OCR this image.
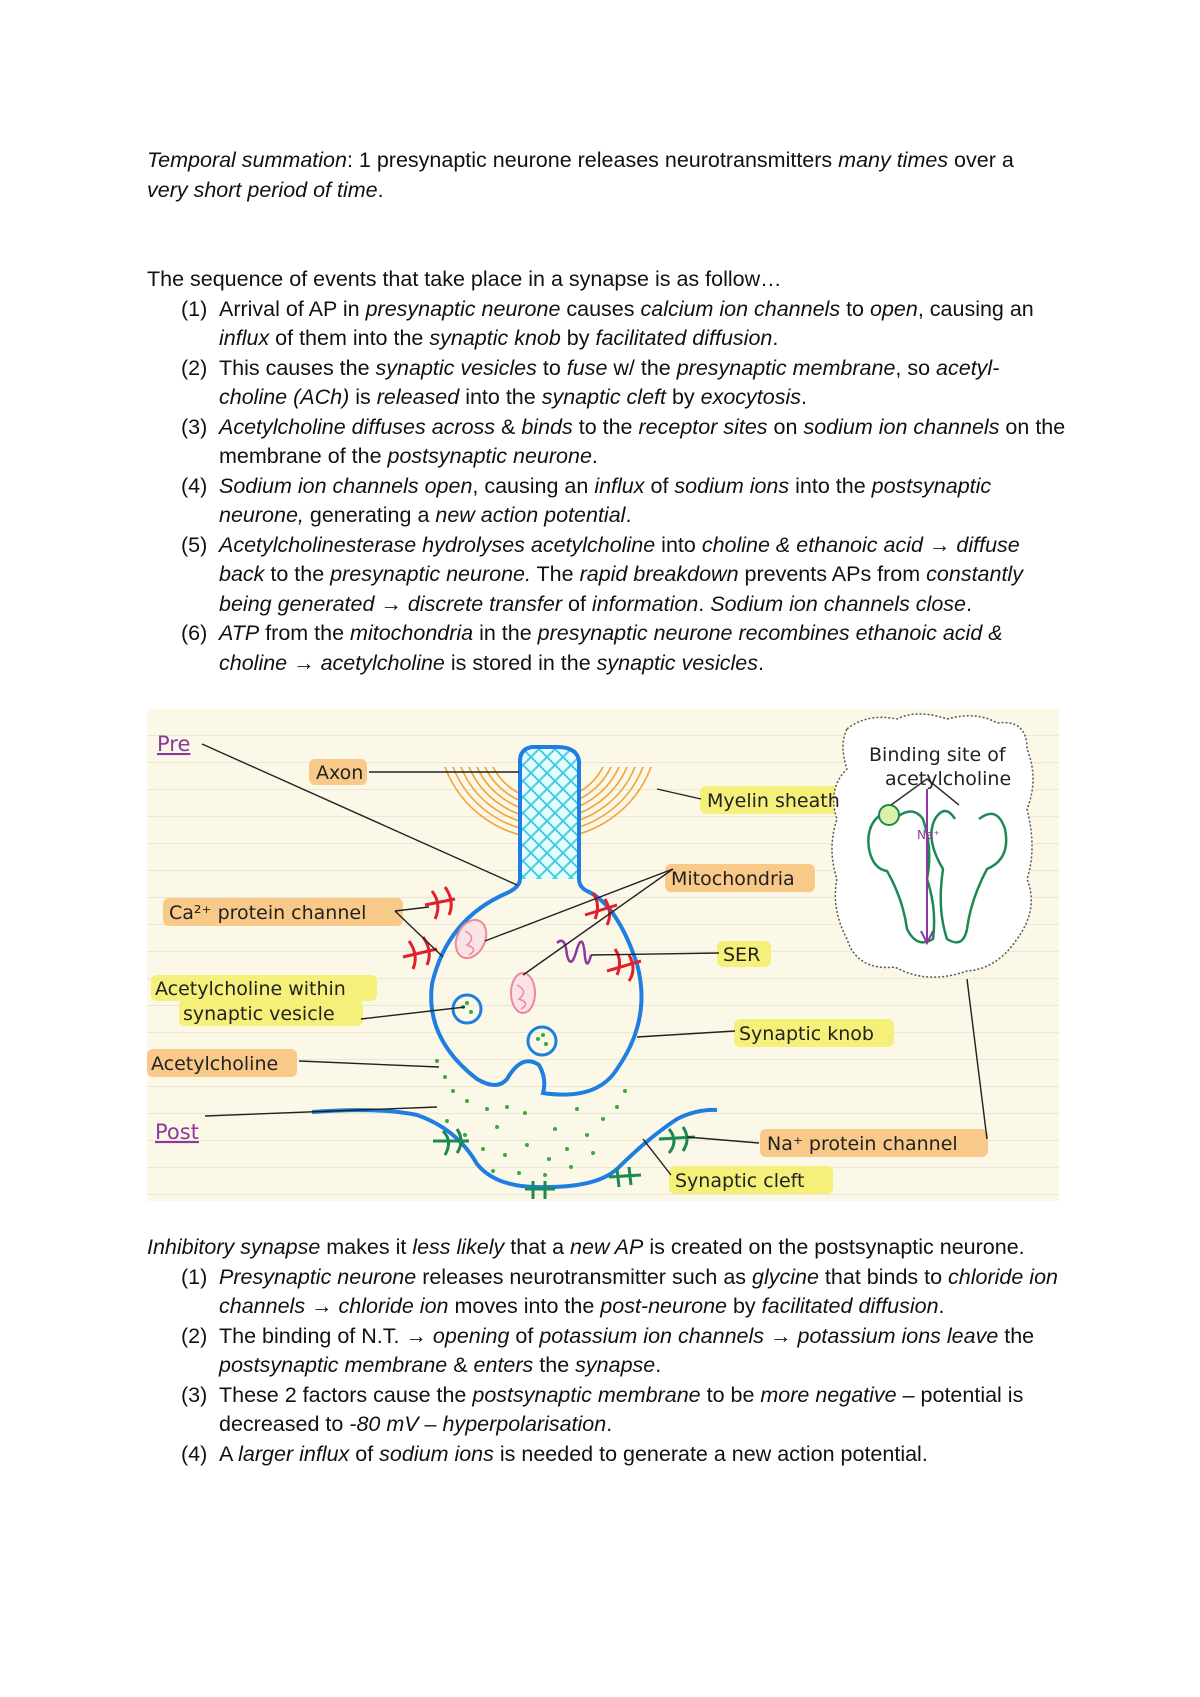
Temporal summation: 1 presynaptic neurone releases neurotransmitters many times over a
very short period of time.
The sequence of events that take place in a synapse is as follow…
(1) Arrival of AP in presynaptic neurone causes calcium ion channels to open, causing an influx of them into the synaptic knob by facilitated diffusion.
(2) This causes the synaptic vesicles to fuse w/ the presynaptic membrane, so acetyl-choline (ACh) is released into the synaptic cleft by exocytosis.
(3) Acetylcholine diffuses across & binds to the receptor sites on sodium ion channels on the membrane of the postsynaptic neurone.
(4) Sodium ion channels open, causing an influx of sodium ions into the postsynaptic neurone, generating a new action potential.
(5) Acetylcholinesterase hydrolyses acetylcholine into choline & ethanoic acid → diffuse back to the presynaptic neurone. The rapid breakdown prevents APs from constantly being generated → discrete transfer of information. Sodium ion channels close.
(6) ATP from the mitochondria in the presynaptic neurone recombines ethanoic acid & choline → acetylcholine is stored in the synaptic vesicles.
Pre
Axon
Myelin sheath
Mitochondria
Ca²⁺ protein channel
SER
Acetylcholine within
synaptic vesicle
Synaptic knob
Acetylcholine
Post	Na⁺ protein channel
Synaptic cleft
Binding site of
acetylcholine
Na⁺
Inhibitory synapse makes it less likely that a new AP is created on the postsynaptic neurone.
(1) Presynaptic neurone releases neurotransmitter such as glycine that binds to chloride ion channels → chloride ion moves into the post-neurone by facilitated diffusion.
(2) The binding of N.T. → opening of potassium ion channels → potassium ions leave the postsynaptic membrane & enters the synapse.
(3) These 2 factors cause the postsynaptic membrane to be more negative – potential is decreased to -80 mV – hyperpolarisation.
(4) A larger influx of sodium ions is needed to generate a new action potential.
